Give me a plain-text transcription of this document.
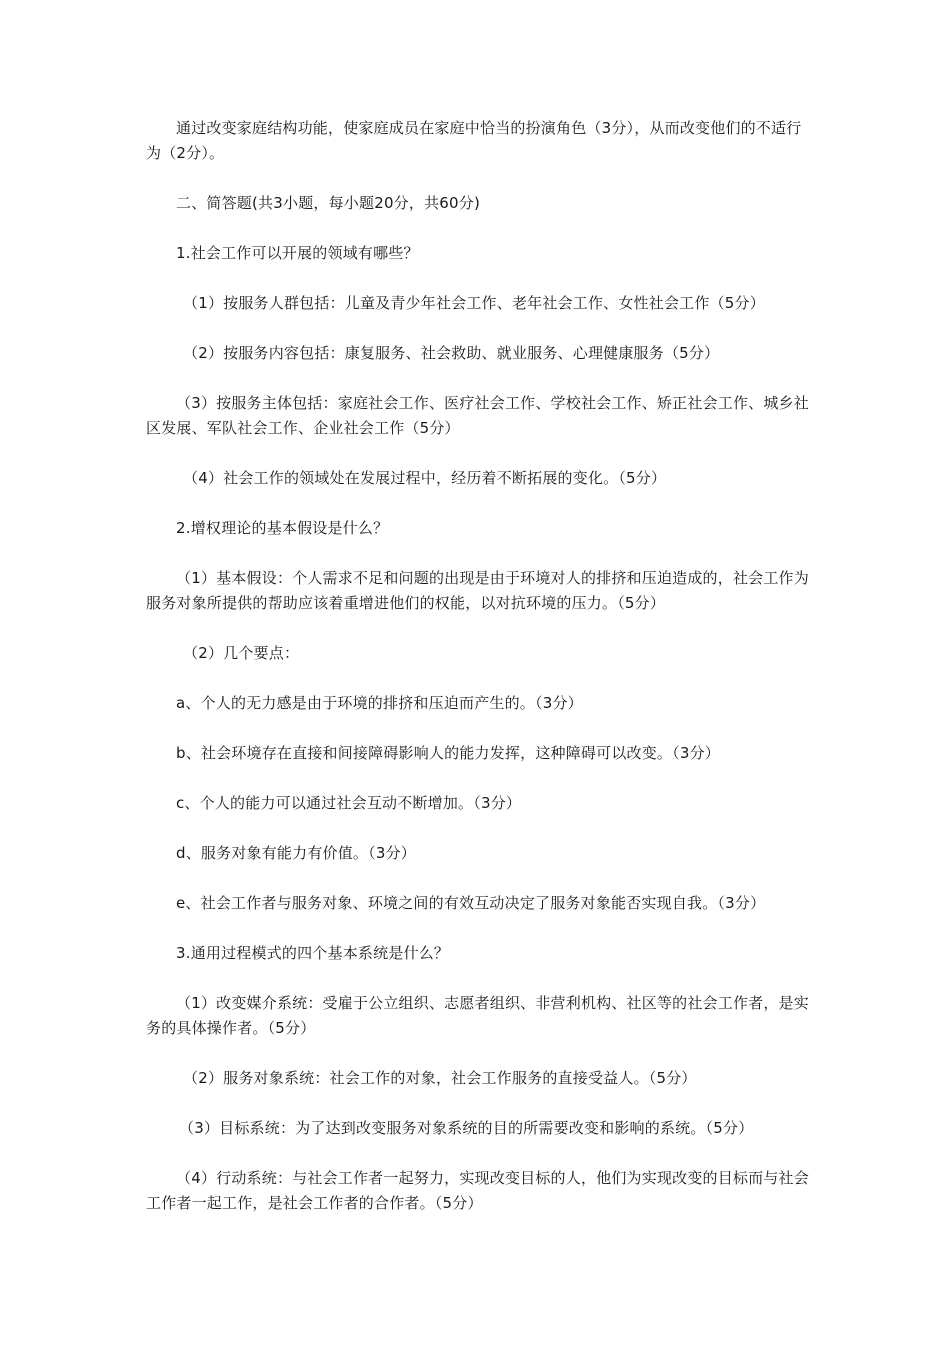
通过改变家庭结构功能，使家庭成员在家庭中恰当的扮演角色（3分），从而改变他们的不适行为（2分）。

二、简答题(共3小题，每小题20分，共60分)

1.社会工作可以开展的领域有哪些？

（1）按服务人群包括：儿童及青少年社会工作、老年社会工作、女性社会工作（5分）

（2）按服务内容包括：康复服务、社会救助、就业服务、心理健康服务（5分）

（3）按服务主体包括：家庭社会工作、医疗社会工作、学校社会工作、矫正社会工作、城乡社区发展、军队社会工作、企业社会工作（5分）

（4）社会工作的领域处在发展过程中，经历着不断拓展的变化。（5分）

2.增权理论的基本假设是什么？

（1）基本假设：个人需求不足和问题的出现是由于环境对人的排挤和压迫造成的，社会工作为服务对象所提供的帮助应该着重增进他们的权能，以对抗环境的压力。（5分）

（2）几个要点：

a、个人的无力感是由于环境的排挤和压迫而产生的。（3分）

b、社会环境存在直接和间接障碍影响人的能力发挥，这种障碍可以改变。（3分）

c、个人的能力可以通过社会互动不断增加。（3分）

d、服务对象有能力有价值。（3分）

e、社会工作者与服务对象、环境之间的有效互动决定了服务对象能否实现自我。（3分）

3.通用过程模式的四个基本系统是什么？

（1）改变媒介系统：受雇于公立组织、志愿者组织、非营利机构、社区等的社会工作者，是实务的具体操作者。（5分）

（2）服务对象系统：社会工作的对象，社会工作服务的直接受益人。（5分）

（3）目标系统：为了达到改变服务对象系统的目的所需要改变和影响的系统。（5分）

（4）行动系统：与社会工作者一起努力，实现改变目标的人，他们为实现改变的目标而与社会工作者一起工作，是社会工作者的合作者。（5分）
